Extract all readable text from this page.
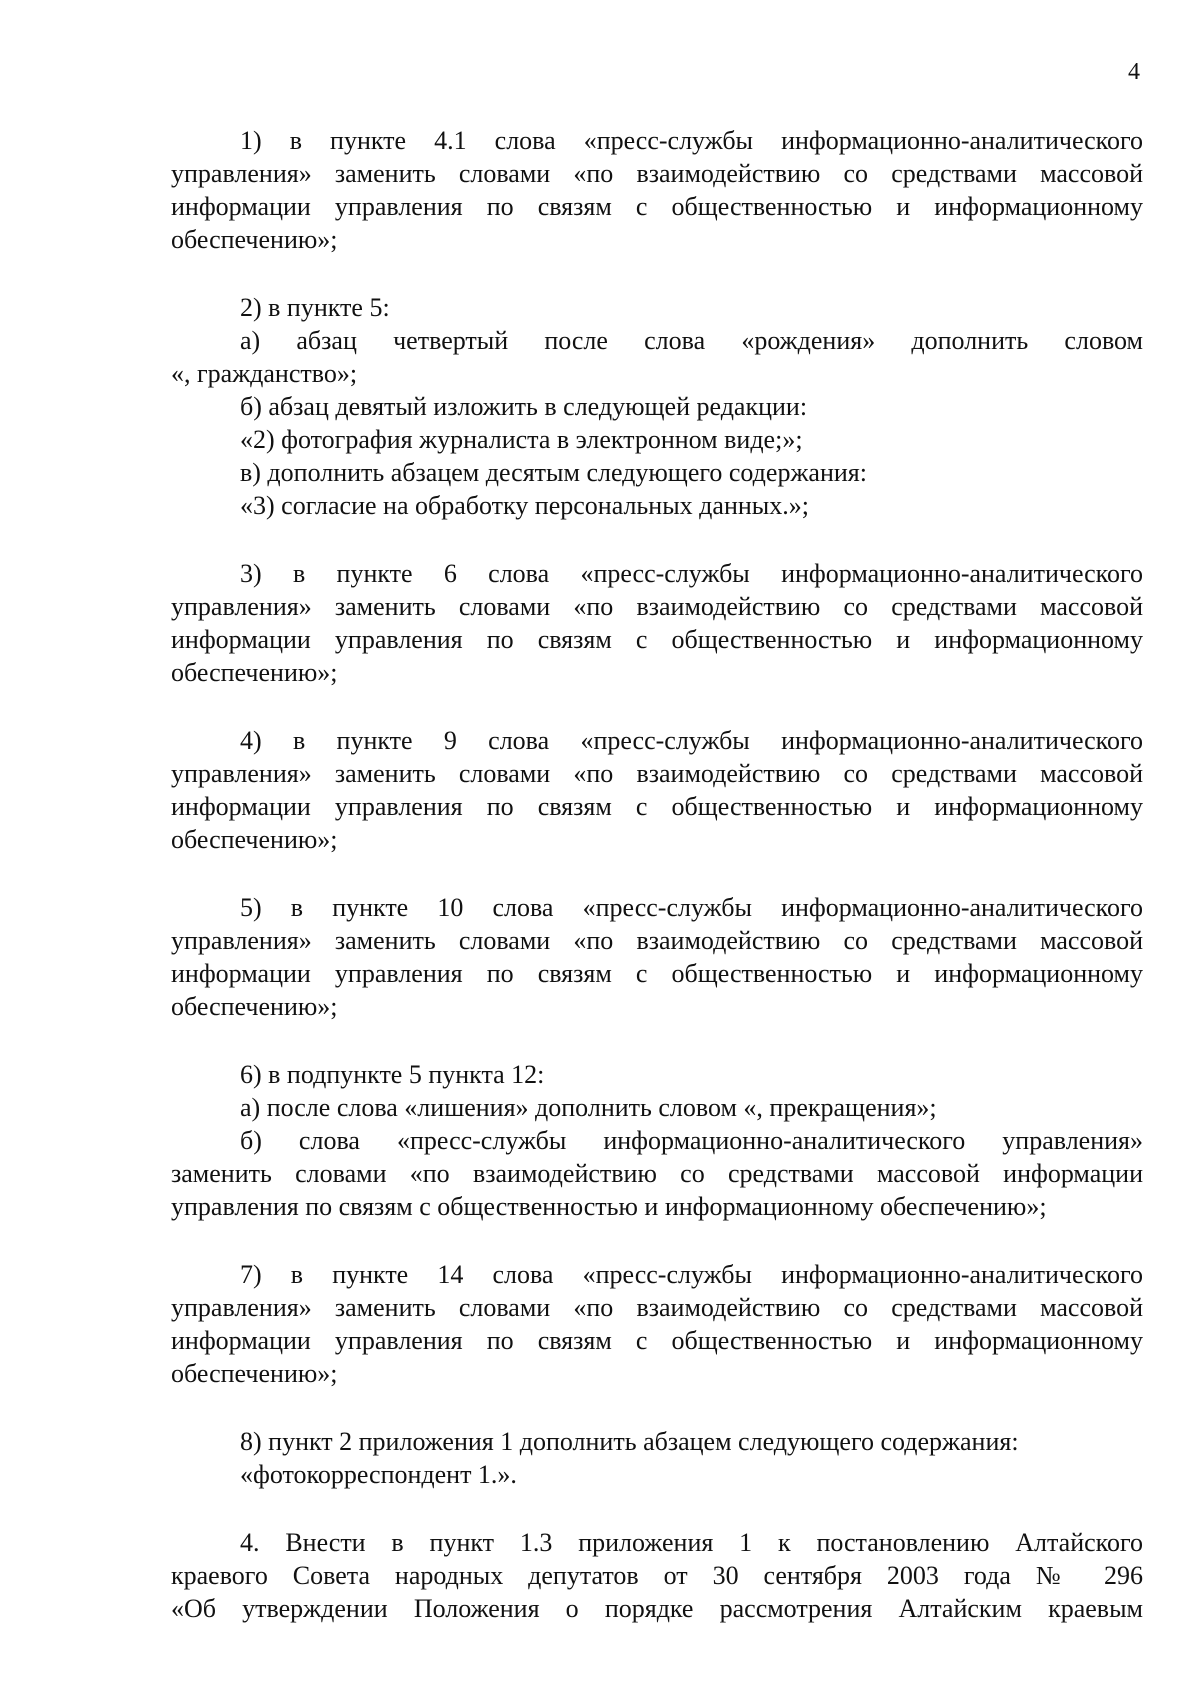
4
1) в пункте 4.1 слова «пресс-службы информационно-аналитического
управления» заменить словами «по взаимодействию со средствами массовой
информации управления по связям с общественностью и информационному
обеспечению»;
2) в пункте 5:
а) абзац четвертый после слова «рождения» дополнить словом
«, гражданство»;
б) абзац девятый изложить в следующей редакции:
«2) фотография журналиста в электронном виде;»;
в) дополнить абзацем десятым следующего содержания:
«3) согласие на обработку персональных данных.»;
3) в пункте 6 слова «пресс-службы информационно-аналитического
управления» заменить словами «по взаимодействию со средствами массовой
информации управления по связям с общественностью и информационному
обеспечению»;
4) в пункте 9 слова «пресс-службы информационно-аналитического
управления» заменить словами «по взаимодействию со средствами массовой
информации управления по связям с общественностью и информационному
обеспечению»;
5) в пункте 10 слова «пресс-службы информационно-аналитического
управления» заменить словами «по взаимодействию со средствами массовой
информации управления по связям с общественностью и информационному
обеспечению»;
6) в подпункте 5 пункта 12:
а) после слова «лишения» дополнить словом «, прекращения»;
б) слова «пресс-службы информационно-аналитического управления»
заменить словами «по взаимодействию со средствами массовой информации
управления по связям с общественностью и информационному обеспечению»;
7) в пункте 14 слова «пресс-службы информационно-аналитического
управления» заменить словами «по взаимодействию со средствами массовой
информации управления по связям с общественностью и информационному
обеспечению»;
8) пункт 2 приложения 1 дополнить абзацем следующего содержания:
«фотокорреспондент 1.».
4. Внести в пункт 1.3 приложения 1 к постановлению Алтайского
краевого Совета народных депутатов от 30 сентября 2003 года № 296
«Об утверждении Положения о порядке рассмотрения Алтайским краевым
